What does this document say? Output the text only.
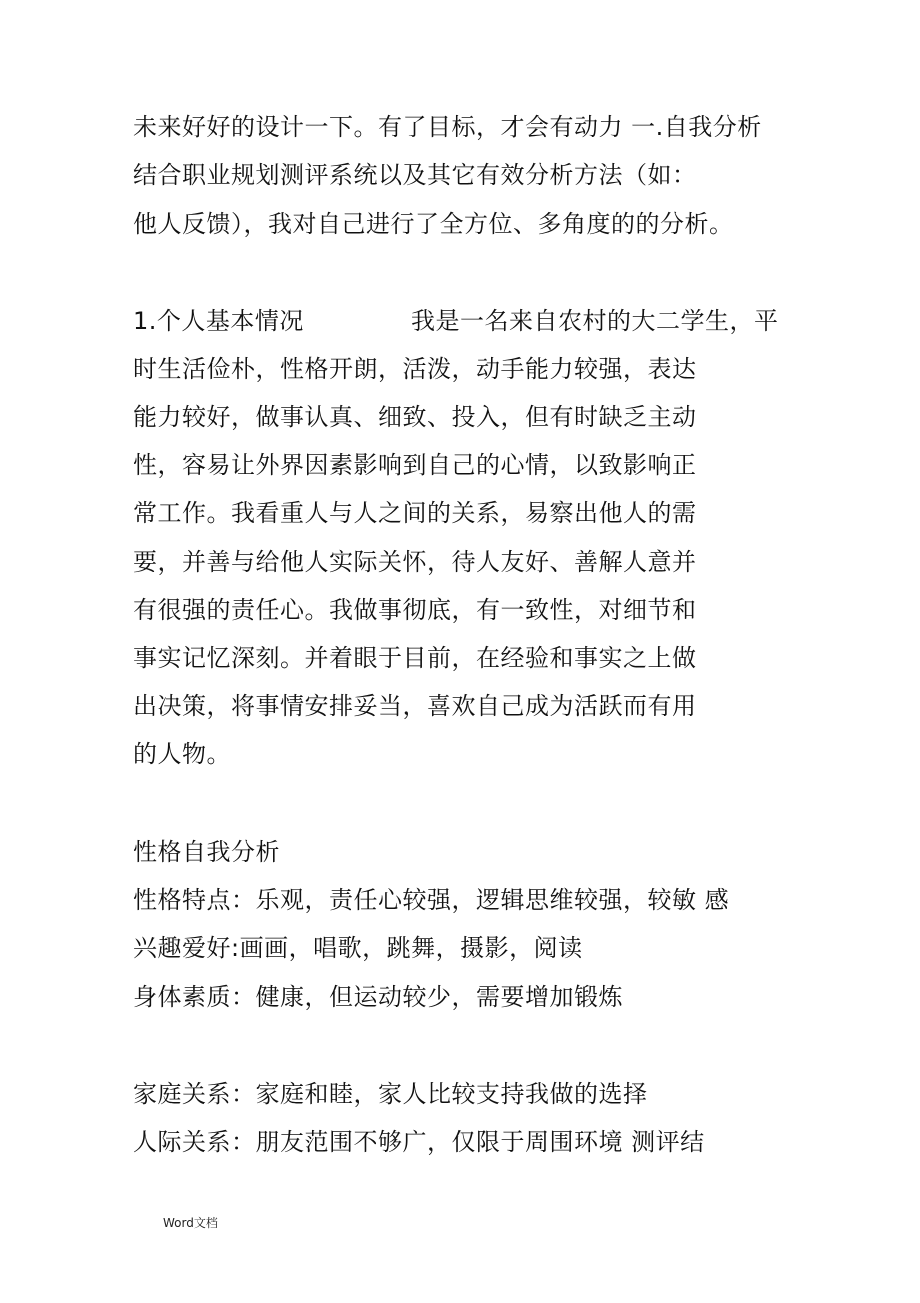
未来好好的设计一下。有了目标，才会有动力 一.自我分析
结合职业规划测评系统以及其它有效分析方法（如：
他人反馈），我对自己进行了全方位、多角度的的分析。
1.个人基本情况	我是一名来自农村的大二学生，平
时生活俭朴，性格开朗，活泼，动手能力较强，表达
能力较好，做事认真、细致、投入，但有时缺乏主动
性，容易让外界因素影响到自己的心情，以致影响正
常工作。我看重人与人之间的关系，易察出他人的需
要，并善与给他人实际关怀，待人友好、善解人意并
有很强的责任心。我做事彻底，有一致性，对细节和
事实记忆深刻。并着眼于目前，在经验和事实之上做
出决策，将事情安排妥当，喜欢自己成为活跃而有用
的人物。
性格自我分析
性格特点：乐观，责任心较强，逻辑思维较强，较敏 感
兴趣爱好:画画，唱歌，跳舞，摄影，阅读
身体素质：健康，但运动较少，需要增加锻炼
家庭关系：家庭和睦，家人比较支持我做的选择
人际关系：朋友范围不够广，仅限于周围环境 测评结
Word文档
